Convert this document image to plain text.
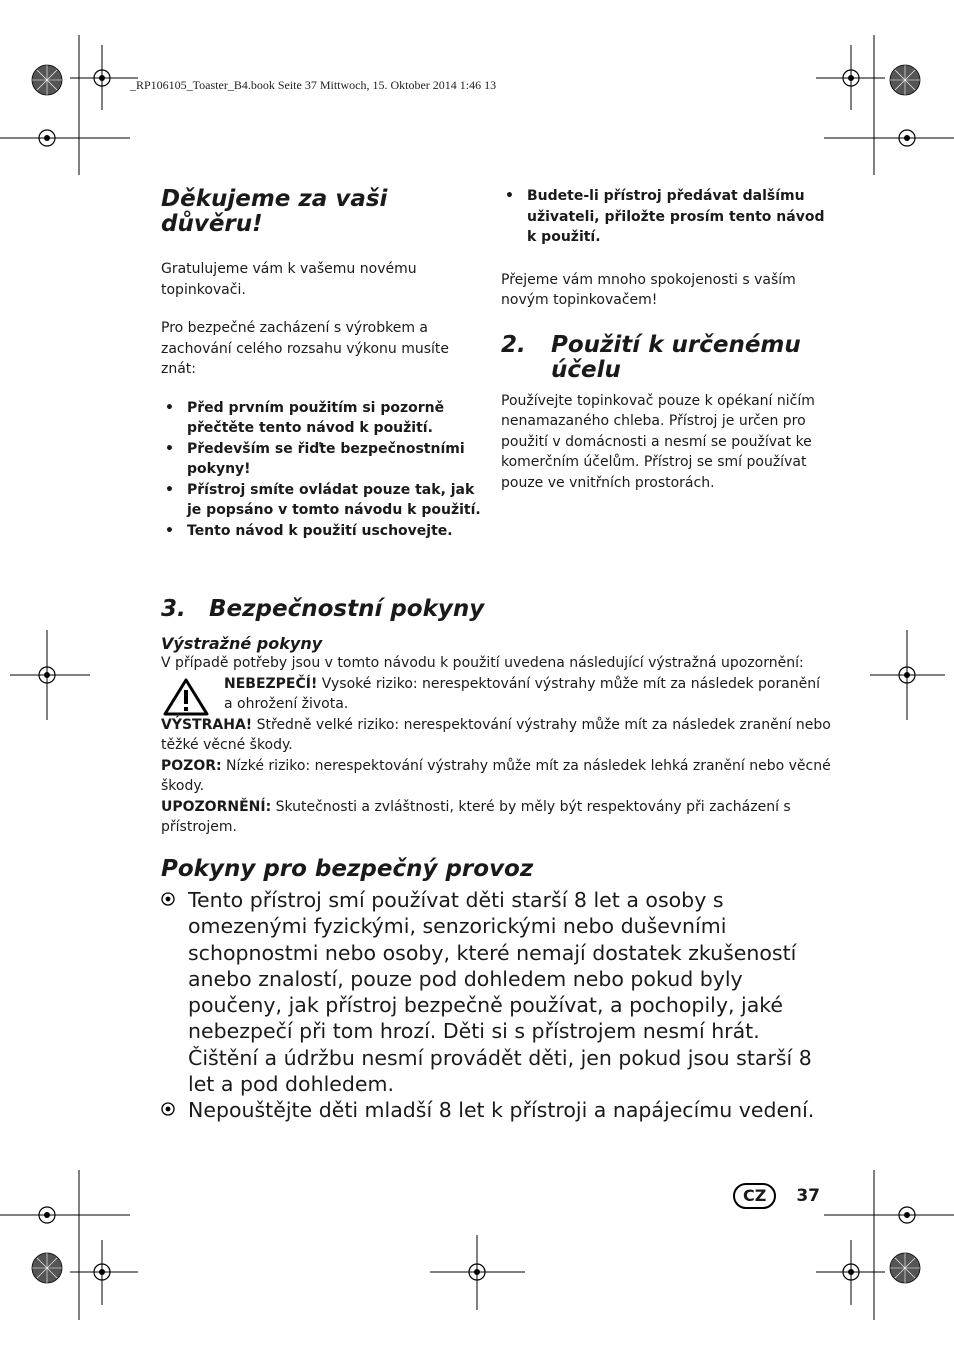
_RP106105_Toaster_B4.book Seite 37 Mittwoch, 15. Oktober 2014 1:46 13
Děkujeme za vaši důvěru!

Gratulujeme vám k vašemu novému topinkovači.

Pro bezpečné zacházení s výrobkem a zachování celého rozsahu výkonu musíte znát:

• Před prvním použitím si pozorně přečtěte tento návod k použití.
• Především se řiďte bezpečnostními pokyny!
• Přístroj smíte ovládat pouze tak, jak je popsáno v tomto návodu k použití.
• Tento návod k použití uschovejte.
• Budete-li přístroj předávat dalšímu uživateli, přiložte prosím tento návod k použití.

Přejeme vám mnoho spokojenosti s vaším novým topinkovačem!

2.	Použití k určenému účelu

Používejte topinkovač pouze k opékaní ničím nenamazaného chleba. Přístroj je určen pro použití v domácnosti a nesmí se používat ke komerčním účelům. Přístroj se smí používat pouze ve vnitřních prostorách.

3.	Bezpečnostní pokyny
Výstražné pokyny

V případě potřeby jsou v tomto návodu k použití uvedena následující výstražná upozornění:

NEBEZPEČÍ! Vysoké riziko: nerespektování výstrahy může mít za následek poranění a ohrožení života.

VÝSTRAHA! Středně velké riziko: nerespektování výstrahy může mít za následek zranění nebo těžké věcné škody.

POZOR: Nízké riziko: nerespektování výstrahy může mít za následek lehká zranění nebo věcné škody.

UPOZORNĚNÍ: Skutečnosti a zvláštnosti, které by měly být respektovány při zacházení s přístrojem.

Pokyny pro bezpečný provoz
Tento přístroj smí používat děti starší 8 let a osoby s omezenými fyzickými, senzorickými nebo duševními schopnostmi nebo osoby, které nemají dostatek zkušeností anebo znalostí, pouze pod dohledem nebo pokud byly poučeny, jak přístroj bezpečně používat, a pochopily, jaké nebezpečí při tom hrozí. Děti si s přístrojem nesmí hrát. Čištění a údržbu nesmí provádět děti, jen pokud jsou starší 8 let a pod dohledem.
Nepouštějte děti mladší 8 let k přístroji a napájecímu vedení.
CZ	37
